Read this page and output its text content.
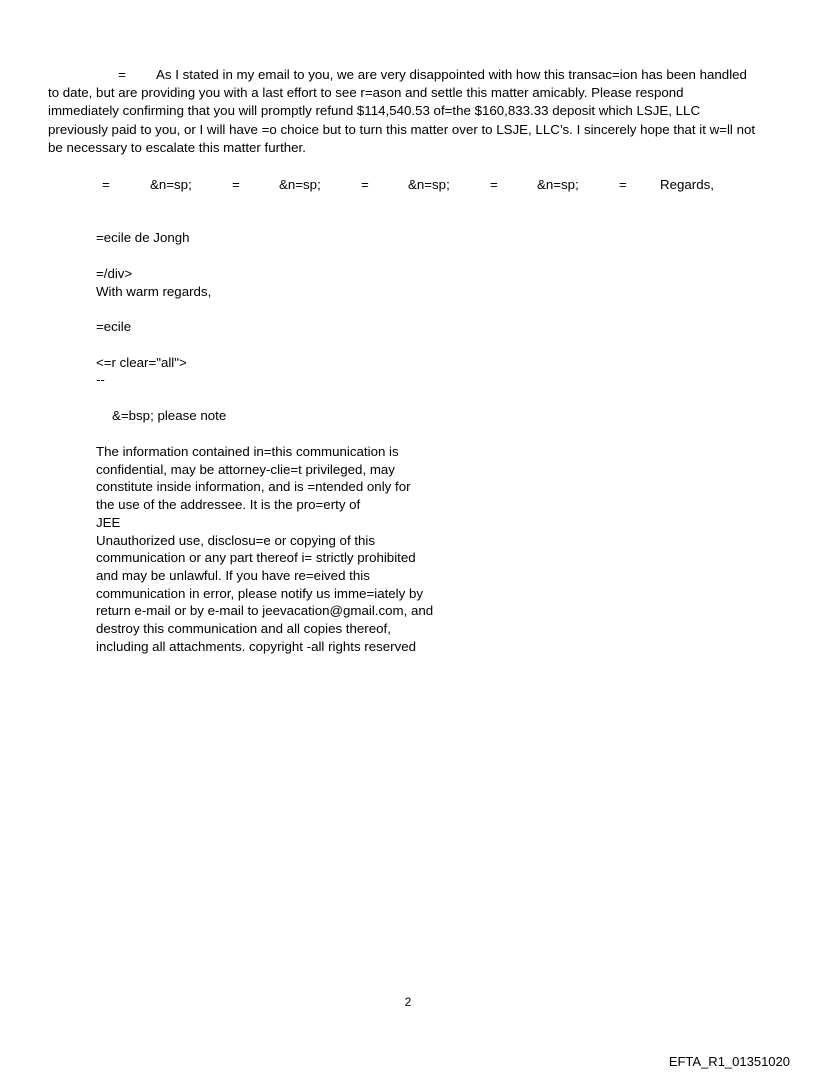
= As I stated in my email to you, we are very disappointed with how this transac=ion has been handled
to date, but are providing you with a last effort to see r=ason and settle this matter amicably. Please respond
immediately confirming that you will promptly refund $114,540.53 of=the $160,833.33 deposit which LSJE, LLC
previously paid to you, or I will have =o choice but to turn this matter over to LSJE, LLC’s. I sincerely hope that it w=ll not
be necessary to escalate this matter further.
=	&n=sp;	=	&n=sp;	=	&n=sp;	=	&n=sp;	= Regards,
=ecile de Jongh
=/div>
With warm regards,
=ecile
<=r clear="all">
--
&=bsp; please note
The information contained in=this communication is
confidential, may be attorney-clie=t privileged, may
constitute inside information, and is =ntended only for
the use of the addressee. It is the pro=erty of
JEE
Unauthorized use, disclosu=e or copying of this
communication or any part thereof i= strictly prohibited
and may be unlawful. If you have re=eived this
communication in error, please notify us imme=iately by
return e-mail or by e-mail to jeevacation@gmail.com, and
destroy this communication and all copies thereof,
including all attachments. copyright -all rights reserved
2
EFTA_R1_01351020
